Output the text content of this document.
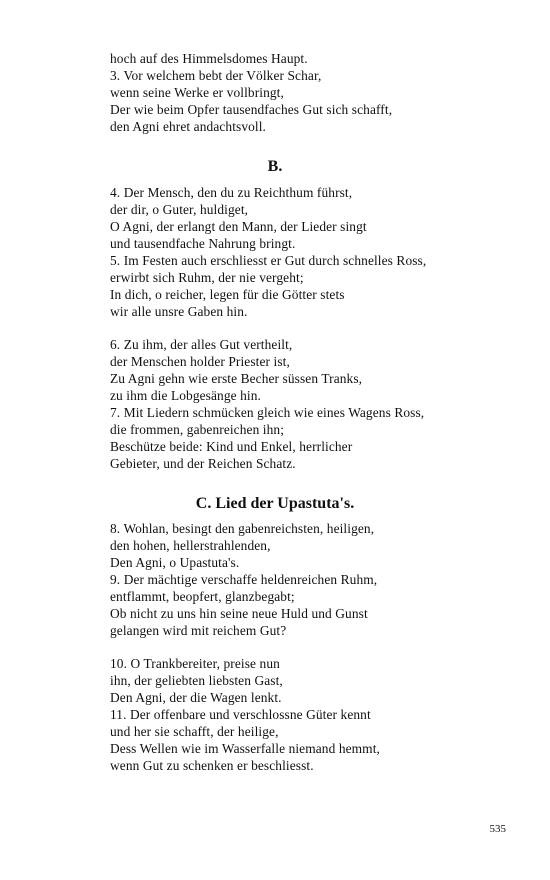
hoch auf des Himmelsdomes Haupt.
3. Vor welchem bebt der Völker Schar,
wenn seine Werke er vollbringt,
Der wie beim Opfer tausendfaches Gut sich schafft,
den Agni ehret andachtsvoll.
B.
4. Der Mensch, den du zu Reichthum führst,
der dir, o Guter, huldiget,
O Agni, der erlangt den Mann, der Lieder singt
und tausendfache Nahrung bringt.
5. Im Festen auch erschliesst er Gut durch schnelles Ross,
erwirbt sich Ruhm, der nie vergeht;
In dich, o reicher, legen für die Götter stets
wir alle unsre Gaben hin.
6. Zu ihm, der alles Gut vertheilt,
der Menschen holder Priester ist,
Zu Agni gehn wie erste Becher süssen Tranks,
zu ihm die Lobgesänge hin.
7. Mit Liedern schmücken gleich wie eines Wagens Ross,
die frommen, gabenreichen ihn;
Beschütze beide: Kind und Enkel, herrlicher
Gebieter, und der Reichen Schatz.
C. Lied der Upastuta's.
8. Wohlan, besingt den gabenreichsten, heiligen,
den hohen, hellerstrahlenden,
Den Agni, o Upastuta's.
9. Der mächtige verschaffe heldenreichen Ruhm,
entflammt, beopfert, glanzbegabt;
Ob nicht zu uns hin seine neue Huld und Gunst
gelangen wird mit reichem Gut?
10. O Trankbereiter, preise nun
ihn, der geliebten liebsten Gast,
Den Agni, der die Wagen lenkt.
11. Der offenbare und verschlossne Güter kennt
und her sie schafft, der heilige,
Dess Wellen wie im Wasserfalle niemand hemmt,
wenn Gut zu schenken er beschliesst.
535
